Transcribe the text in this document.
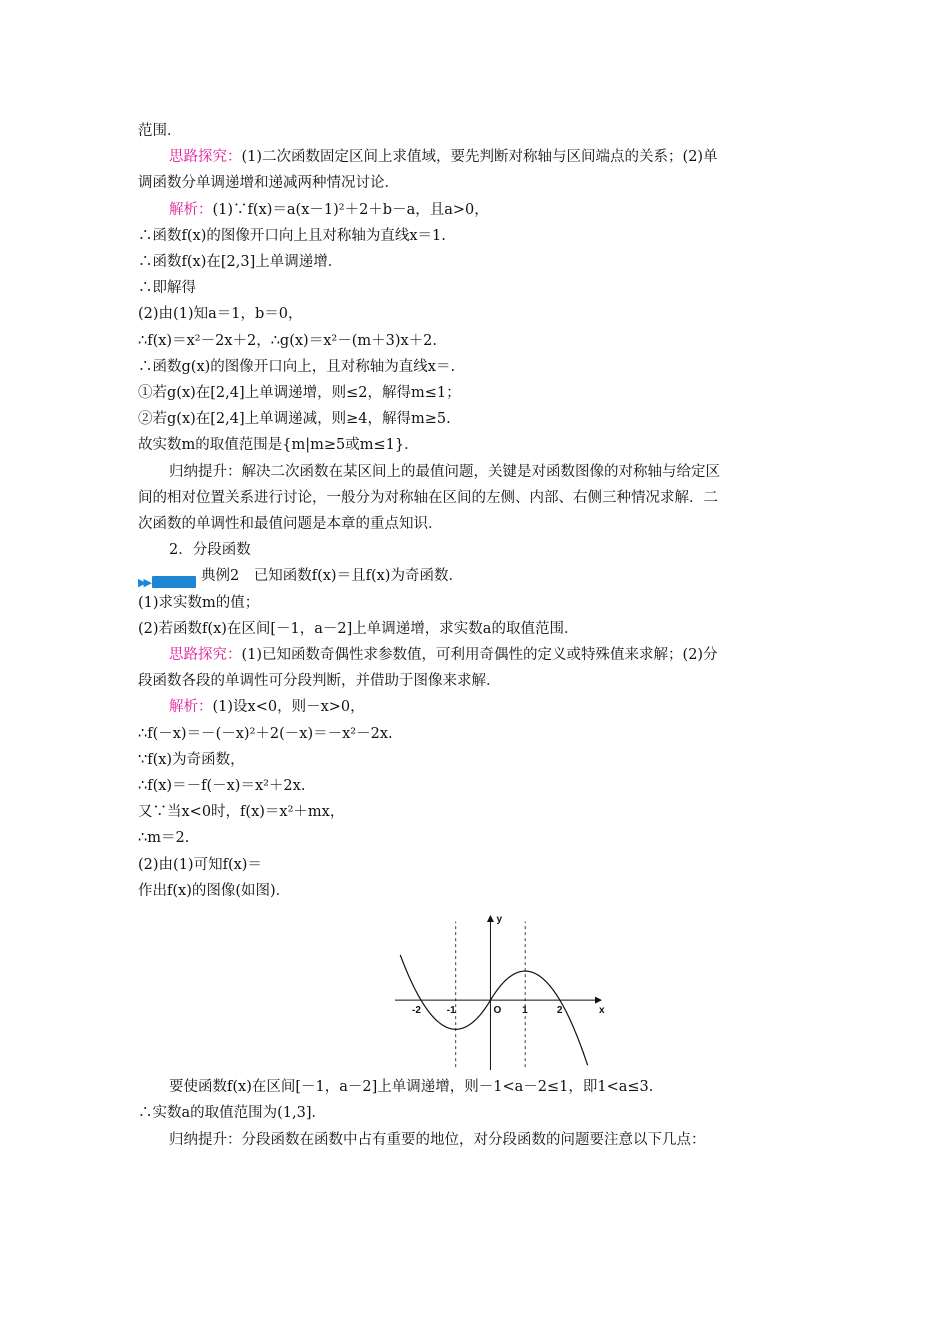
范围．
思路探究：(1)二次函数固定区间上求值域，要先判断对称轴与区间端点的关系；(2)单
调函数分单调递增和递减两种情况讨论．
解析：(1)∵f(x)＝a(x－1)²＋2＋b－a，且a>0，
∴函数f(x)的图像开口向上且对称轴为直线x＝1.
∴函数f(x)在[2,3]上单调递增．
∴即解得
(2)由(1)知a＝1，b＝0，
∴f(x)＝x²－2x＋2，∴g(x)＝x²－(m＋3)x＋2.
∴函数g(x)的图像开口向上，且对称轴为直线x＝.
①若g(x)在[2,4]上单调递增，则≤2，解得m≤1；
②若g(x)在[2,4]上单调递减，则≥4，解得m≥5.
故实数m的取值范围是{m|m≥5或m≤1}．
归纳提升：解决二次函数在某区间上的最值问题，关键是对函数图像的对称轴与给定区
间的相对位置关系进行讨论，一般分为对称轴在区间的左侧、内部、右侧三种情况求解．二
次函数的单调性和最值问题是本章的重点知识．
2．分段函数
▶▶	典例2　已知函数f(x)＝且f(x)为奇函数．
(1)求实数m的值；
(2)若函数f(x)在区间[－1，a－2]上单调递增，求实数a的取值范围．
思路探究：(1)已知函数奇偶性求参数值，可利用奇偶性的定义或特殊值来求解；(2)分
段函数各段的单调性可分段判断，并借助于图像来求解．
解析：(1)设x<0，则－x>0，
∴f(－x)＝－(－x)²＋2(－x)＝－x²－2x.
∵f(x)为奇函数，
∴f(x)＝－f(－x)＝x²＋2x.
又∵当x<0时，f(x)＝x²＋mx，
∴m＝2.
(2)由(1)可知f(x)＝
作出f(x)的图像(如图)．
x
y
O
-2	-1	1	2
要使函数f(x)在区间[－1，a－2]上单调递增，则－1<a－2≤1，即1<a≤3.
∴实数a的取值范围为(1,3]．
归纳提升：分段函数在函数中占有重要的地位，对分段函数的问题要注意以下几点：
